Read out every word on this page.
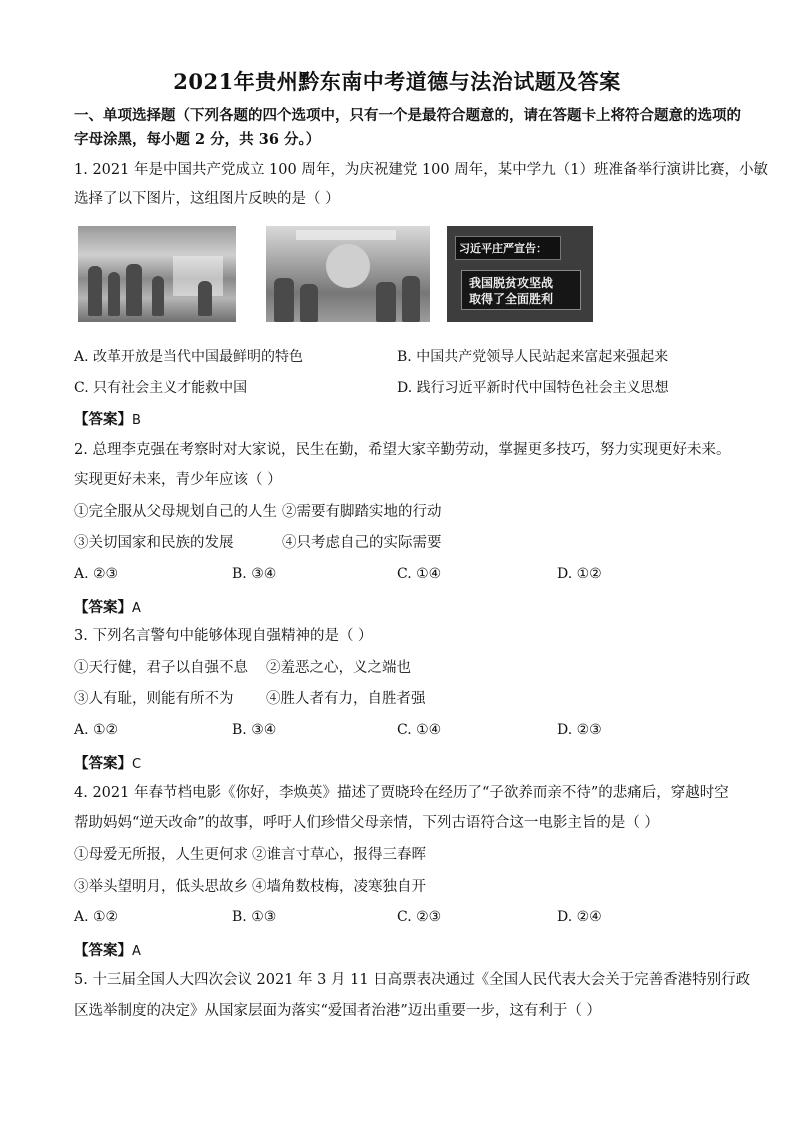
2021年贵州黔东南中考道德与法治试题及答案
一、单项选择题（下列各题的四个选项中，只有一个是最符合题意的，请在答题卡上将符合题意的选项的
字母涂黑，每小题 2 分，共 36 分。）
1. 2021 年是中国共产党成立 100 周年，为庆祝建党 100 周年，某中学九（1）班准备举行演讲比赛，小敏
选择了以下图片，这组图片反映的是（ ）
习近平庄严宣告：
我国脱贫攻坚战
取得了全面胜利
A. 改革开放是当代中国最鲜明的特色	B. 中国共产党领导人民站起来富起来强起来
C. 只有社会主义才能救中国	D. 践行习近平新时代中国特色社会主义思想
【答案】B
2. 总理李克强在考察时对大家说，民生在勤，希望大家辛勤劳动，掌握更多技巧，努力实现更好未来。
实现更好未来，青少年应该（ ）
①完全服从父母规划自己的人生 ②需要有脚踏实地的行动
③关切国家和民族的发展	④只考虑自己的实际需要
A. ②③	B. ③④	C. ①④	D. ①②
【答案】A
3. 下列名言警句中能够体现自强精神的是（ ）
①天行健，君子以自强不息 ②羞恶之心，义之端也
③人有耻，则能有所不为 ④胜人者有力，自胜者强
A. ①②	B. ③④	C. ①④	D. ②③
【答案】C
4. 2021 年春节档电影《你好，李焕英》描述了贾晓玲在经历了“子欲养而亲不待”的悲痛后，穿越时空
帮助妈妈“逆天改命”的故事，呼吁人们珍惜父母亲情，下列古语符合这一电影主旨的是（ ）
①母爱无所报，人生更何求 ②谁言寸草心，报得三春晖
③举头望明月，低头思故乡 ④墙角数枝梅，凌寒独自开
A. ①②	B. ①③	C. ②③	D. ②④
【答案】A
5. 十三届全国人大四次会议 2021 年 3 月 11 日高票表决通过《全国人民代表大会关于完善香港特别行政
区选举制度的决定》从国家层面为落实“爱国者治港”迈出重要一步，这有利于（ ）
